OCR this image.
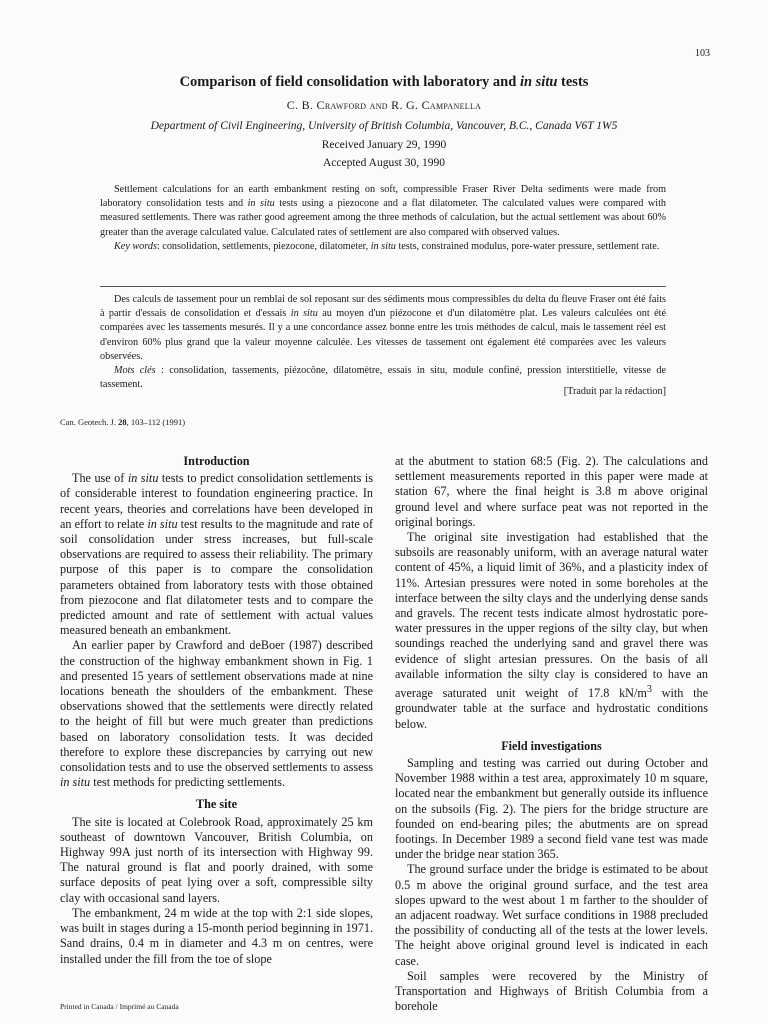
103
Comparison of field consolidation with laboratory and in situ tests
C. B. Crawford and R. G. Campanella
Department of Civil Engineering, University of British Columbia, Vancouver, B.C., Canada V6T 1W5
Received January 29, 1990
Accepted August 30, 1990

Settlement calculations for an earth embankment resting on soft, compressible Fraser River Delta sediments were made from laboratory consolidation tests and in situ tests using a piezocone and a flat dilatometer. The calculated values were compared with measured settlements. There was rather good agreement among the three methods of calculation, but the actual settlement was about 60% greater than the average calculated value. Calculated rates of settlement are also compared with observed values.

Key words: consolidation, settlements, piezocone, dilatometer, in situ tests, constrained modulus, pore-water pressure, settlement rate.

Des calculs de tassement pour un remblai de sol reposant sur des sédiments mous compressibles du delta du fleuve Fraser ont été faits à partir d'essais de consolidation et d'essais in situ au moyen d'un piézocone et d'un dilatomètre plat. Les valeurs calculées ont été comparées avec les tassements mesurés. Il y a une concordance assez bonne entre les trois méthodes de calcul, mais le tassement réel est d'environ 60% plus grand que la valeur moyenne calculée. Les vitesses de tassement ont également été comparées avec les valeurs observées.

Mots clés : consolidation, tassements, piézocône, dilatomètre, essais in situ, module confiné, pression interstitielle, vitesse de tassement.

[Traduit par la rédaction]
Can. Geotech. J. 28, 103–112 (1991)
Introduction

The use of in situ tests to predict consolidation settlements is of considerable interest to foundation engineering practice. In recent years, theories and correlations have been developed in an effort to relate in situ test results to the magnitude and rate of soil consolidation under stress increases, but full-scale observations are required to assess their reliability. The primary purpose of this paper is to compare the consolidation parameters obtained from laboratory tests with those obtained from piezocone and flat dilatometer tests and to compare the predicted amount and rate of settlement with actual values measured beneath an embankment.

An earlier paper by Crawford and deBoer (1987) described the construction of the highway embankment shown in Fig. 1 and presented 15 years of settlement observations made at nine locations beneath the shoulders of the embankment. These observations showed that the settlements were directly related to the height of fill but were much greater than predictions based on laboratory consolidation tests. It was decided therefore to explore these discrepancies by carrying out new consolidation tests and to use the observed settlements to assess in situ test methods for predicting settlements.

The site

The site is located at Colebrook Road, approximately 25 km southeast of downtown Vancouver, British Columbia, on Highway 99A just north of its intersection with Highway 99. The natural ground is flat and poorly drained, with some surface deposits of peat lying over a soft, compressible silty clay with occasional sand layers.

The embankment, 24 m wide at the top with 2:1 side slopes, was built in stages during a 15-month period beginning in 1971. Sand drains, 0.4 m in diameter and 4.3 m on centres, were installed under the fill from the toe of slope

at the abutment to station 68:5 (Fig. 2). The calculations and settlement measurements reported in this paper were made at station 67, where the final height is 3.8 m above original ground level and where surface peat was not reported in the original borings.

The original site investigation had established that the subsoils are reasonably uniform, with an average natural water content of 45%, a liquid limit of 36%, and a plasticity index of 11%. Artesian pressures were noted in some boreholes at the interface between the silty clays and the underlying dense sands and gravels. The recent tests indicate almost hydrostatic pore-water pressures in the upper regions of the silty clay, but when soundings reached the underlying sand and gravel there was evidence of slight artesian pressures. On the basis of all available information the silty clay is considered to have an average saturated unit weight of 17.8 $kN/m^3$ with the groundwater table at the surface and hydrostatic conditions below.

Field investigations

Sampling and testing was carried out during October and November 1988 within a test area, approximately 10 m square, located near the embankment but generally outside its influence on the subsoils (Fig. 2). The piers for the bridge structure are founded on end-bearing piles; the abutments are on spread footings. In December 1989 a second field vane test was made under the bridge near station 365.

The ground surface under the bridge is estimated to be about 0.5 m above the original ground surface, and the test area slopes upward to the west about 1 m farther to the shoulder of an adjacent roadway. Wet surface conditions in 1988 precluded the possibility of conducting all of the tests at the lower levels. The height above original ground level is indicated in each case.

Soil samples were recovered by the Ministry of Transportation and Highways of British Columbia from a borehole

Printed in Canada / Imprimé au Canada
